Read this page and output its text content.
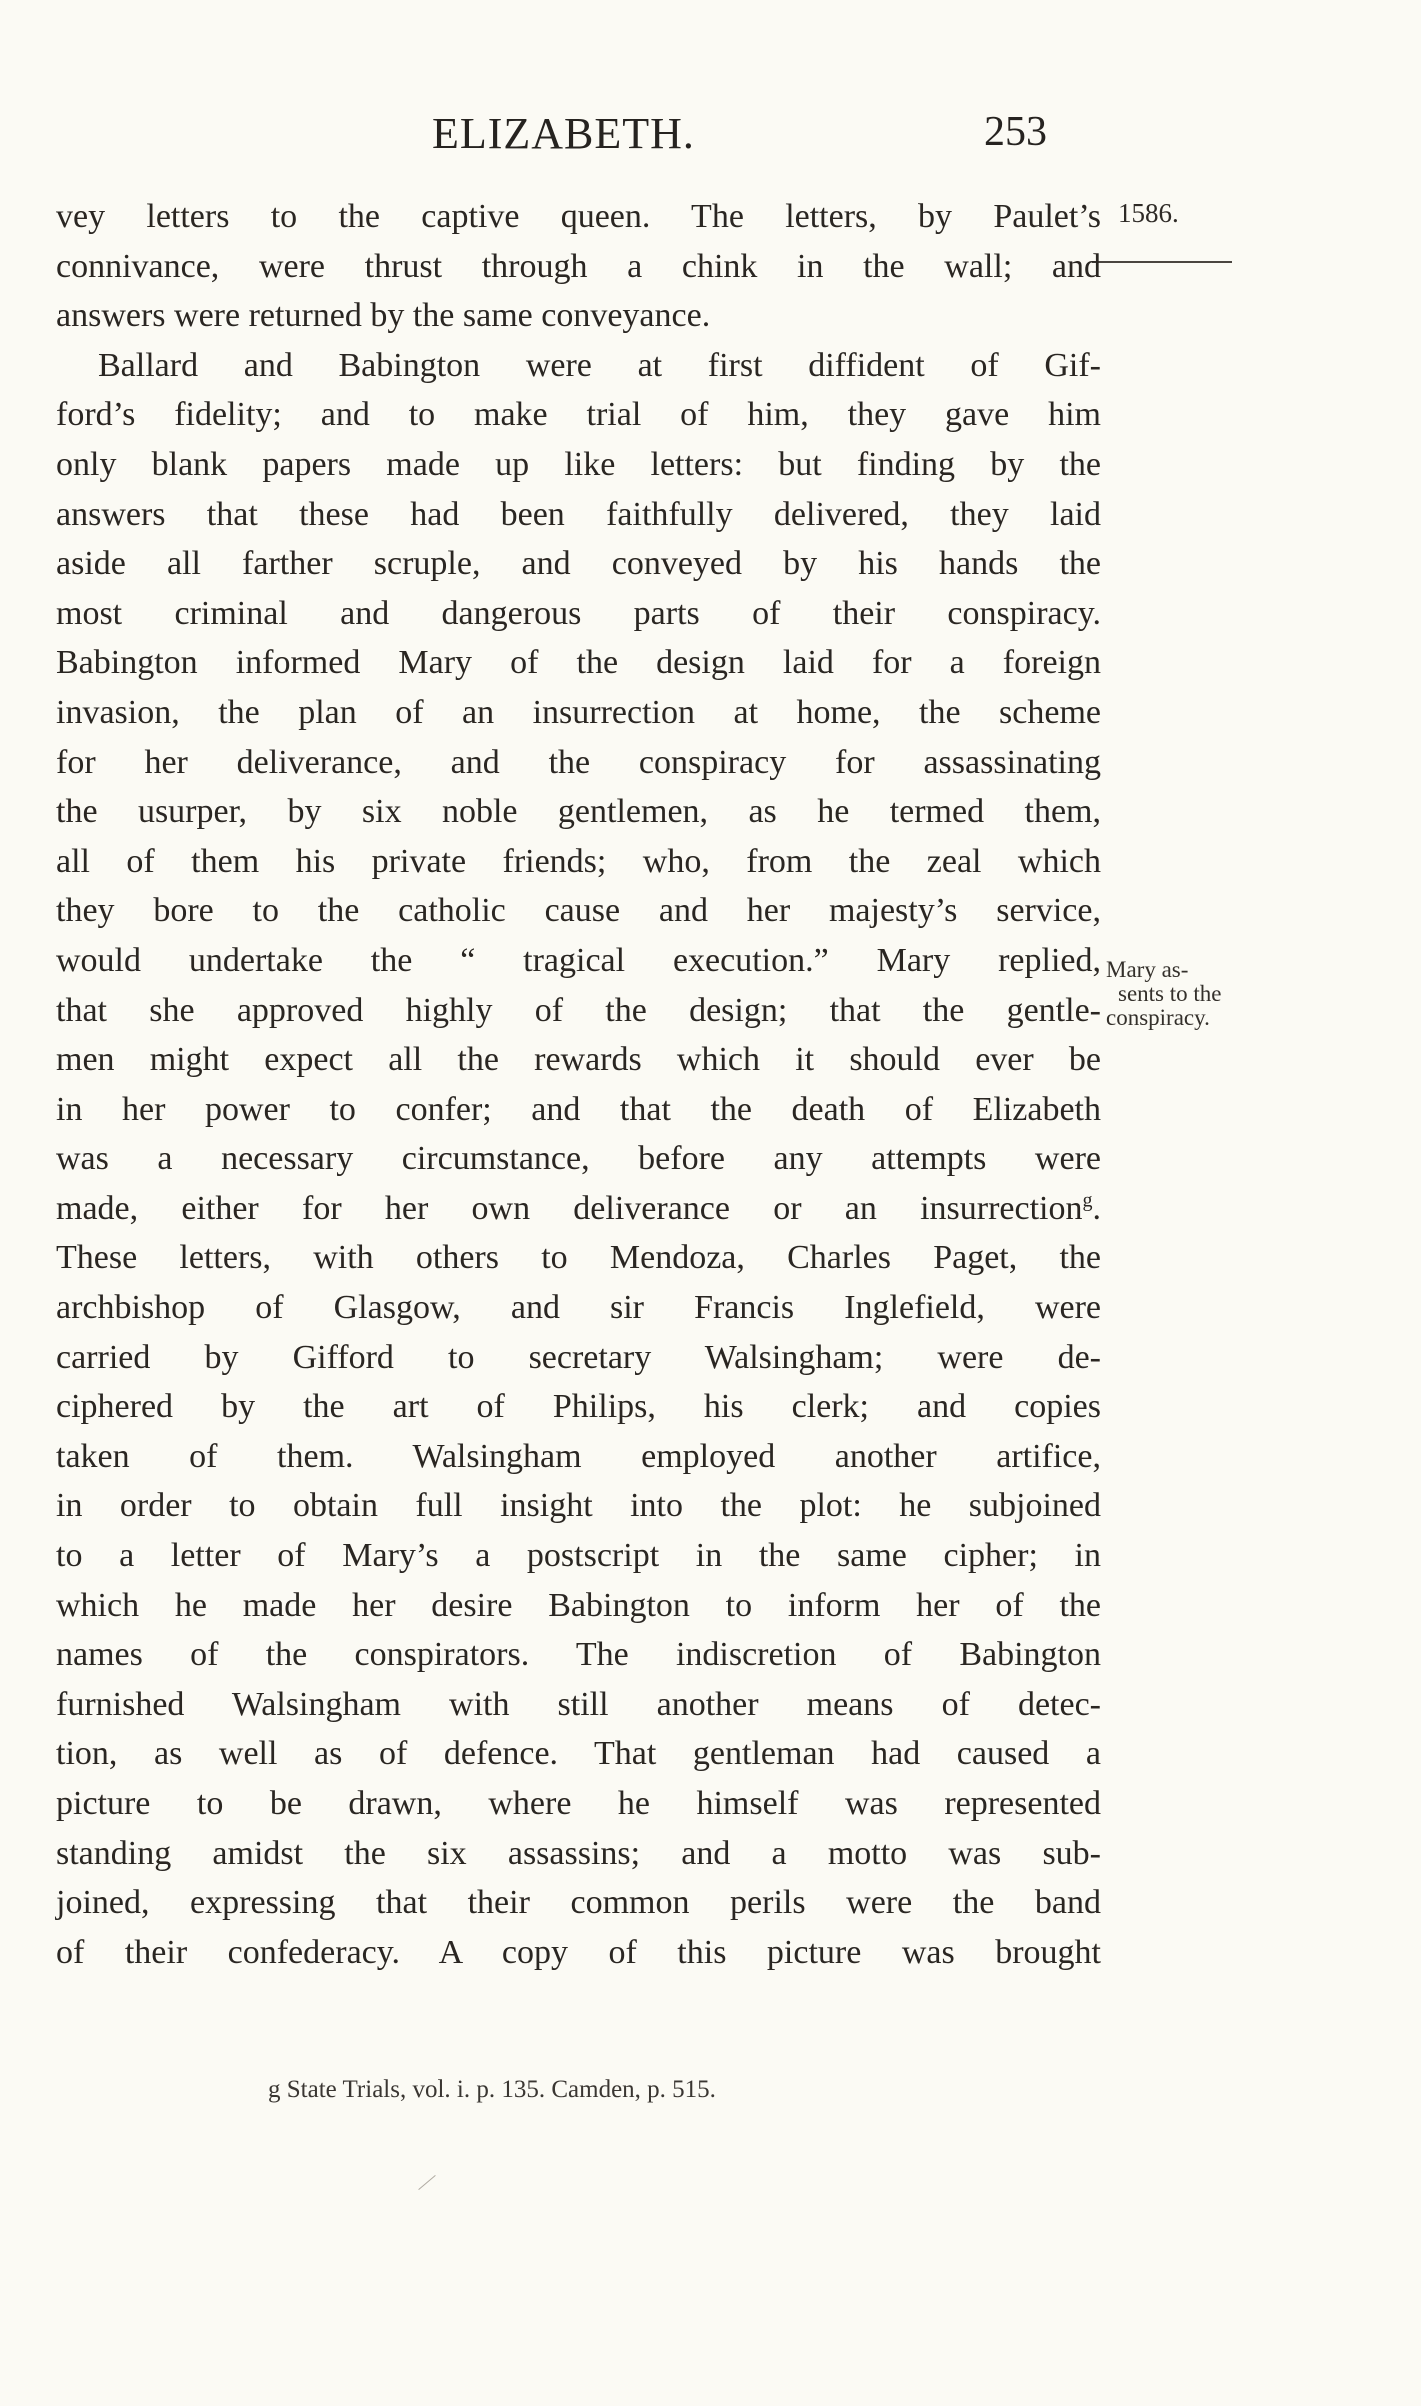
ELIZABETH.	253
1586.
vey letters to the captive queen. The letters, by Paulet’s
connivance, were thrust through a chink in the wall; and
answers were returned by the same conveyance.
Ballard and Babington were at first diffident of Gif-
ford’s fidelity; and to make trial of him, they gave him
only blank papers made up like letters: but finding by the
answers that these had been faithfully delivered, they laid
aside all farther scruple, and conveyed by his hands the
most criminal and dangerous parts of their conspiracy.
Babington informed Mary of the design laid for a foreign
invasion, the plan of an insurrection at home, the scheme
for her deliverance, and the conspiracy for assassinating
the usurper, by six noble gentlemen, as he termed them,
all of them his private friends; who, from the zeal which
they bore to the catholic cause and her majesty’s service,
would undertake the “ tragical execution.” Mary replied,
that she approved highly of the design; that the gentle-
men might expect all the rewards which it should ever be
in her power to confer; and that the death of Elizabeth
was a necessary circumstance, before any attempts were
made, either for her own deliverance or an insurrection$^g$.
These letters, with others to Mendoza, Charles Paget, the
archbishop of Glasgow, and sir Francis Inglefield, were
carried by Gifford to secretary Walsingham; were de-
ciphered by the art of Philips, his clerk; and copies
taken of them. Walsingham employed another artifice,
in order to obtain full insight into the plot: he subjoined
to a letter of Mary’s a postscript in the same cipher; in
which he made her desire Babington to inform her of the
names of the conspirators. The indiscretion of Babington
furnished Walsingham with still another means of detec-
tion, as well as of defence. That gentleman had caused a
picture to be drawn, where he himself was represented
standing amidst the six assassins; and a motto was sub-
joined, expressing that their common perils were the band
of their confederacy. A copy of this picture was brought
Mary as-
sents to the
conspiracy.
g State Trials, vol. i. p. 135. Camden, p. 515.
